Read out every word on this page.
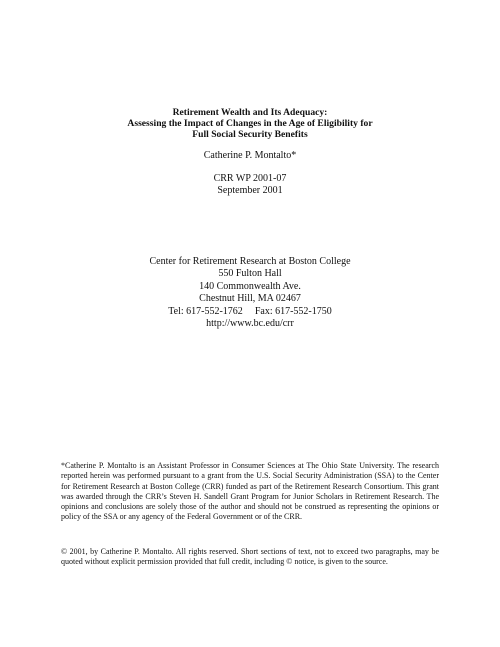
Retirement Wealth and Its Adequacy:
Assessing the Impact of Changes in the Age of Eligibility for
Full Social Security Benefits
Catherine P. Montalto*
CRR WP 2001-07
September 2001
Center for Retirement Research at Boston College
550 Fulton Hall
140 Commonwealth Ave.
Chestnut Hill, MA 02467
Tel: 617-552-1762 Fax: 617-552-1750
http://www.bc.edu/crr
*Catherine P. Montalto is an Assistant Professor in Consumer Sciences at The Ohio State University. The research reported herein was performed pursuant to a grant from the U.S. Social Security Administration (SSA) to the Center for Retirement Research at Boston College (CRR) funded as part of the Retirement Research Consortium. This grant was awarded through the CRR’s Steven H. Sandell Grant Program for Junior Scholars in Retirement Research. The opinions and conclusions are solely those of the author and should not be construed as representing the opinions or policy of the SSA or any agency of the Federal Government or of the CRR.
© 2001, by Catherine P. Montalto. All rights reserved. Short sections of text, not to exceed two paragraphs, may be quoted without explicit permission provided that full credit, including © notice, is given to the source.
